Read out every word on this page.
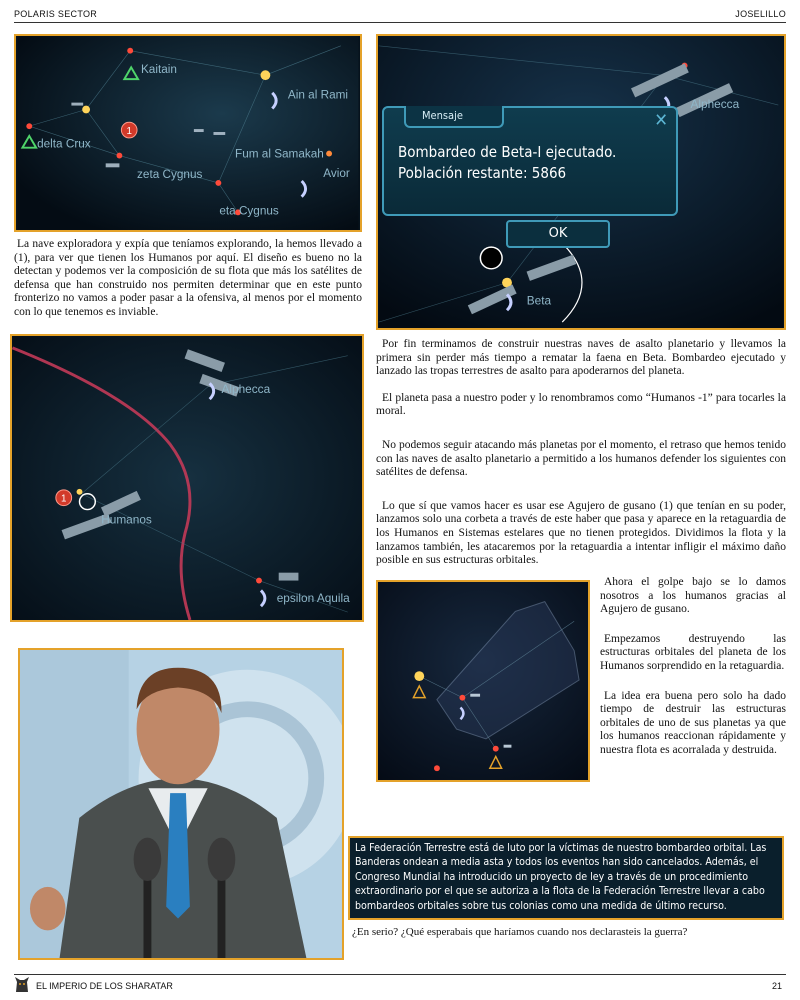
POLARIS SECTOR	JOSELILLO
1
Kaitain
Ain al Rami
delta Crux
Fum al Samakah
zeta Cygnus	Avior
eta Cygnus

La nave exploradora y expía que teníamos explorando, la hemos llevado a (1), para ver que tienen los Humanos por aquí. El diseño es bueno no la detectan y podemos ver la composición de su flota que más los satélites de defensa que han construido nos permiten determinar que en este punto fronterizo no vamos a poder pasar a la ofensiva, al menos por el momento con lo que tenemos es inviable.

Alphecca
Beta
Mensaje	✕
Bombardeo de Beta-I ejecutado.
Población restante: 5866
OK

Por fin terminamos de construir nuestras naves de asalto planetario y llevamos la primera sin perder más tiempo a rematar la faena en Beta. Bombardeo ejecutado y lanzado las tropas terrestres de asalto para apoderarnos del planeta.

El planeta pasa a nuestro poder y lo renombramos como “Humanos -1” para tocarles la moral.

No podemos seguir atacando más planetas por el momento, el retraso que hemos tenido con las naves de asalto planetario a permitido a los humanos defender los siguientes con satélites de defensa.

Lo que sí que vamos hacer es usar ese Agujero de gusano (1) que tenían en su poder, lanzamos solo una corbeta a través de este haber que pasa y aparece en la retaguardia de los Humanos en Sistemas estelares que no tienen protegidos. Dividimos la flota y la lanzamos también, les atacaremos por la retaguardia a intentar infligir el máximo daño posible en sus estructuras orbitales.

1
Alphecca
Humanos
epsilon Aquila

Ahora el golpe bajo se lo damos nosotros a los humanos gracias al Agujero de gusano.

Empezamos destruyendo las estructuras orbitales del planeta de los Humanos sorprendido en la retaguardia.

La idea era buena pero solo ha dado tiempo de destruir las estructuras orbitales de uno de sus planetas ya que los humanos reaccionan rápidamente y nuestra flota es acorralada y destruida.

La Federación Terrestre está de luto por la víctimas de nuestro bombardeo orbital. Las Banderas ondean a media asta y todos los eventos han sido cancelados. Además, el Congreso Mundial ha introducido un proyecto de ley a través de un procedimiento extraordinario por el que se autoriza a la flota de la Federación Terrestre llevar a cabo bombardeos orbitales sobre tus colonias como una medida de último recurso.
¿En serio? ¿Qué esperabais que haríamos cuando nos declarasteis la guerra?
EL IMPERIO DE LOS SHARATAR	21
